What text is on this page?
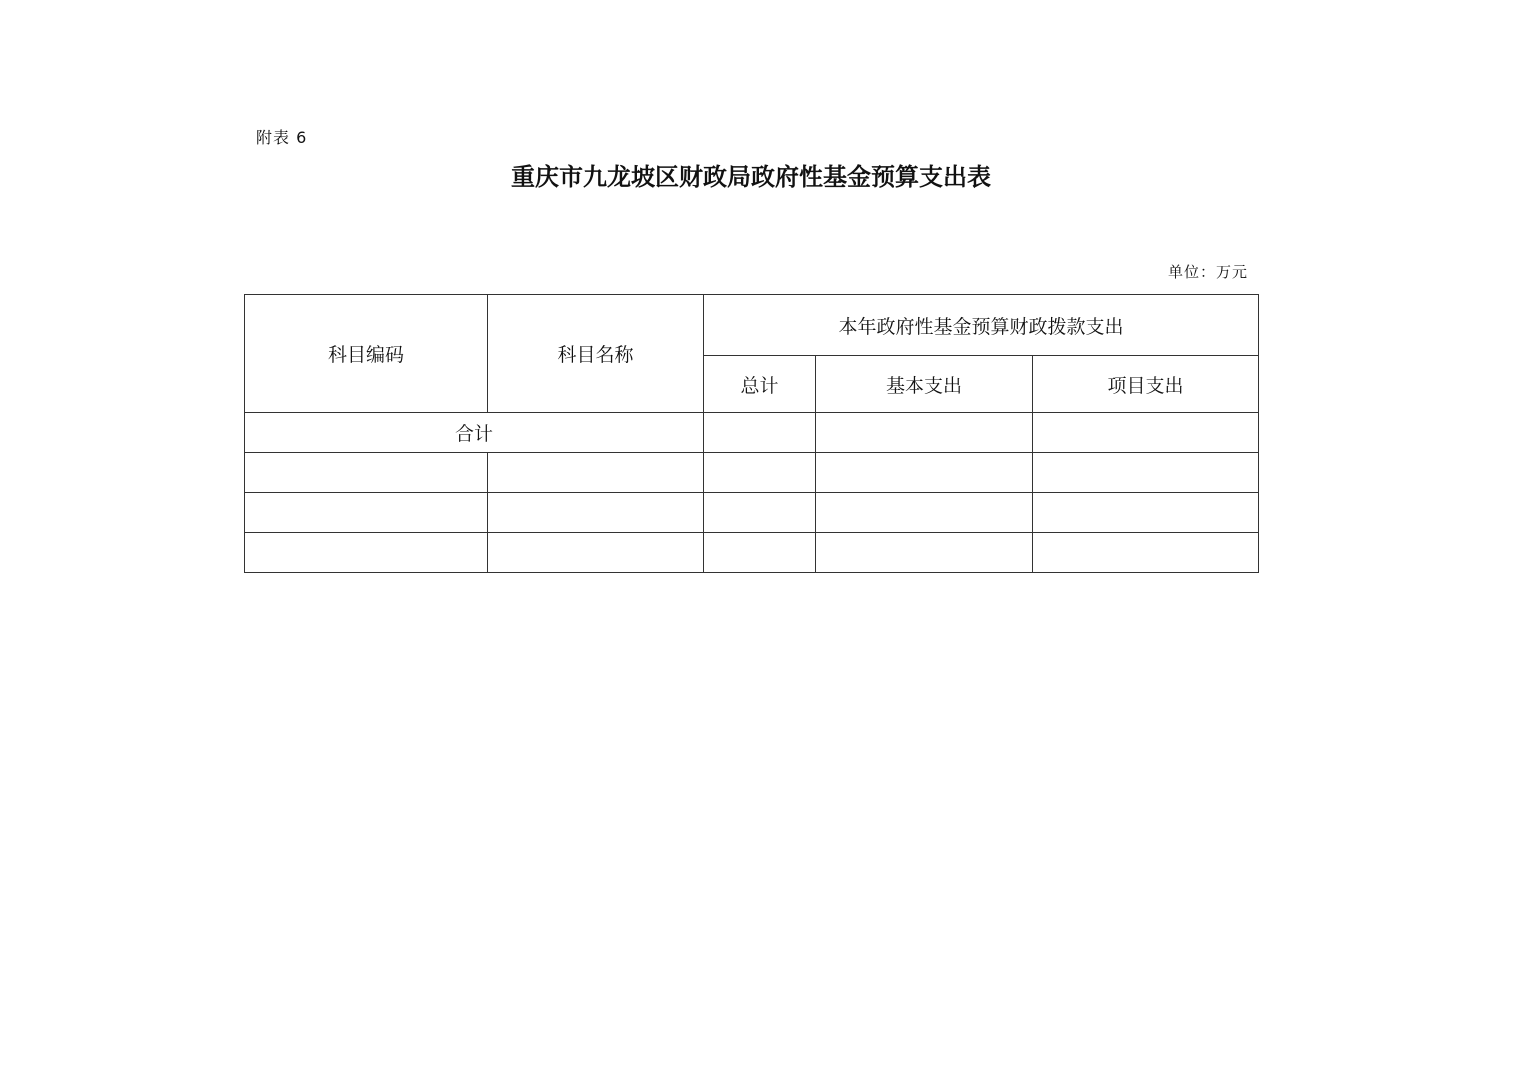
附表 6
重庆市九龙坡区财政局政府性基金预算支出表
单位：万元
科目编码	科目名称	本年政府性基金预算财政拨款支出		
		总计	基本支出	项目支出
合计				
